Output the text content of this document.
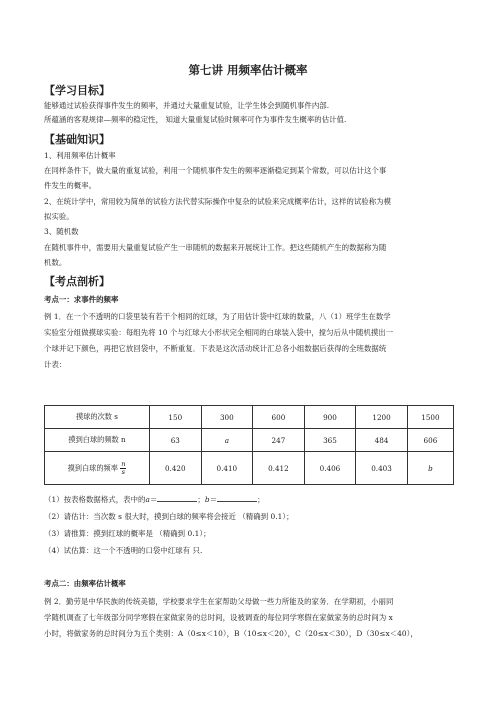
第七讲 用频率估计概率
【学习目标】
能够通过试验获得事件发生的频率，并通过大量重复试验，让学生体会到随机事件内部.
所蕴涵的客观规律—频率的稳定性， 知道大量重复试验时频率可作为事件发生概率的估计值.
【基础知识】
1、利用频率估计概率
在同样条件下，做大量的重复试验，利用一个随机事件发生的频率逐渐稳定到某个常数，可以估计这个事
件发生的概率。
2、在统计学中，常用较为简单的试验方法代替实际操作中复杂的试验来完成概率估计，这样的试验称为模
拟实验。
3、随机数
在随机事件中，需要用大量重复试验产生一串随机的数据来开展统计工作。把这些随机产生的数据称为随
机数。
【考点剖析】
考点一：求事件的频率
例 1．在一个不透明的口袋里装有若干个相同的红球，为了用估计袋中红球的数量，八（1）班学生在数学
实验室分组做摸球实验：每组先将 10 个与红球大小形状完全相同的白球装入袋中，搅匀后从中随机摸出一
个球并记下颜色，再把它放回袋中，不断重复．下表是这次活动统计汇总各小组数据后获得的全班数据统
计表：
摸球的次数 s	150	300	600	900	1200	1500
摸到白球的频数 n	63	a	247	365	484	606
摸到白球的频率 $\frac{n}{s}$	0.420	0.410	0.412	0.406	0.403	b
（1）按表格数据格式，表中的a＝	；b＝	；
（2）请估计：当次数 s 很大时，摸到白球的频率将会接近 （精确到 0.1）；
（3）请推算：摸到红球的概率是 （精确到 0.1）；
（4）试估算：这一个不透明的口袋中红球有 只.
考点二：由频率估计概率
例 2．勤劳是中华民族的传统美德，学校要求学生在家帮助父母做一些力所能及的家务．在学期初，小丽同
学随机调查了七年级部分同学寒假在家做家务的总时间，设被调查的每位同学寒假在家做家务的总时间为 x
小时，将做家务的总时间分为五个类别：A（0≤x＜10），B（10≤x＜20），C（20≤x＜30），D（30≤x＜40），
